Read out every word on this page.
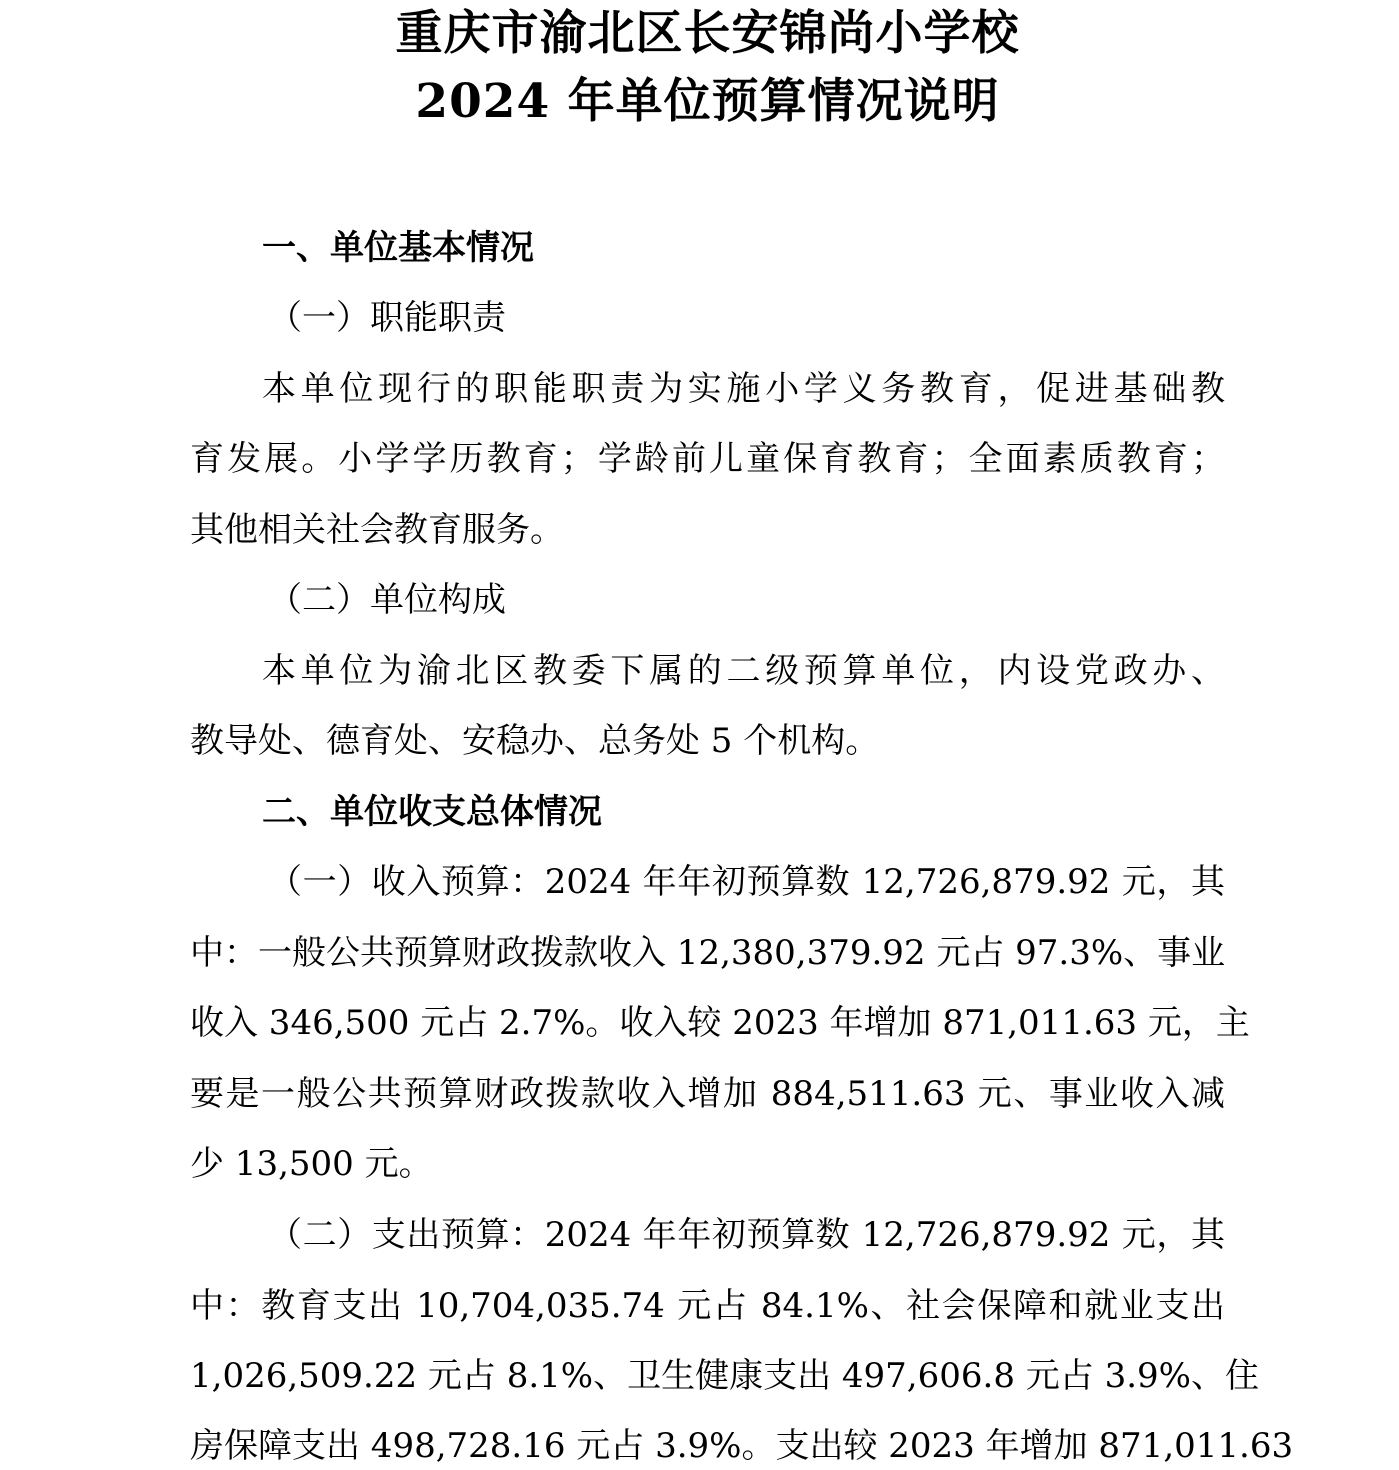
重庆市渝北区长安锦尚小学校
2024 年单位预算情况说明
一、单位基本情况
（一）职能职责
本单位现行的职能职责为实施小学义务教育，促进基础教
育发展。小学学历教育；学龄前儿童保育教育；全面素质教育；
其他相关社会教育服务。
（二）单位构成
本单位为渝北区教委下属的二级预算单位，内设党政办、
教导处、德育处、安稳办、总务处 5 个机构。
二、单位收支总体情况
（一）收入预算：2024 年年初预算数 12,726,879.92 元，其
中：一般公共预算财政拨款收入 12,380,379.92 元占 97.3%、事业
收入 346,500 元占 2.7%。收入较 2023 年增加 871,011.63 元，主
要是一般公共预算财政拨款收入增加 884,511.63 元、事业收入减
少 13,500 元。
（二）支出预算：2024 年年初预算数 12,726,879.92 元，其
中：教育支出 10,704,035.74 元占 84.1%、社会保障和就业支出
1,026,509.22 元占 8.1%、卫生健康支出 497,606.8 元占 3.9%、住
房保障支出 498,728.16 元占 3.9%。支出较 2023 年增加 871,011.63
